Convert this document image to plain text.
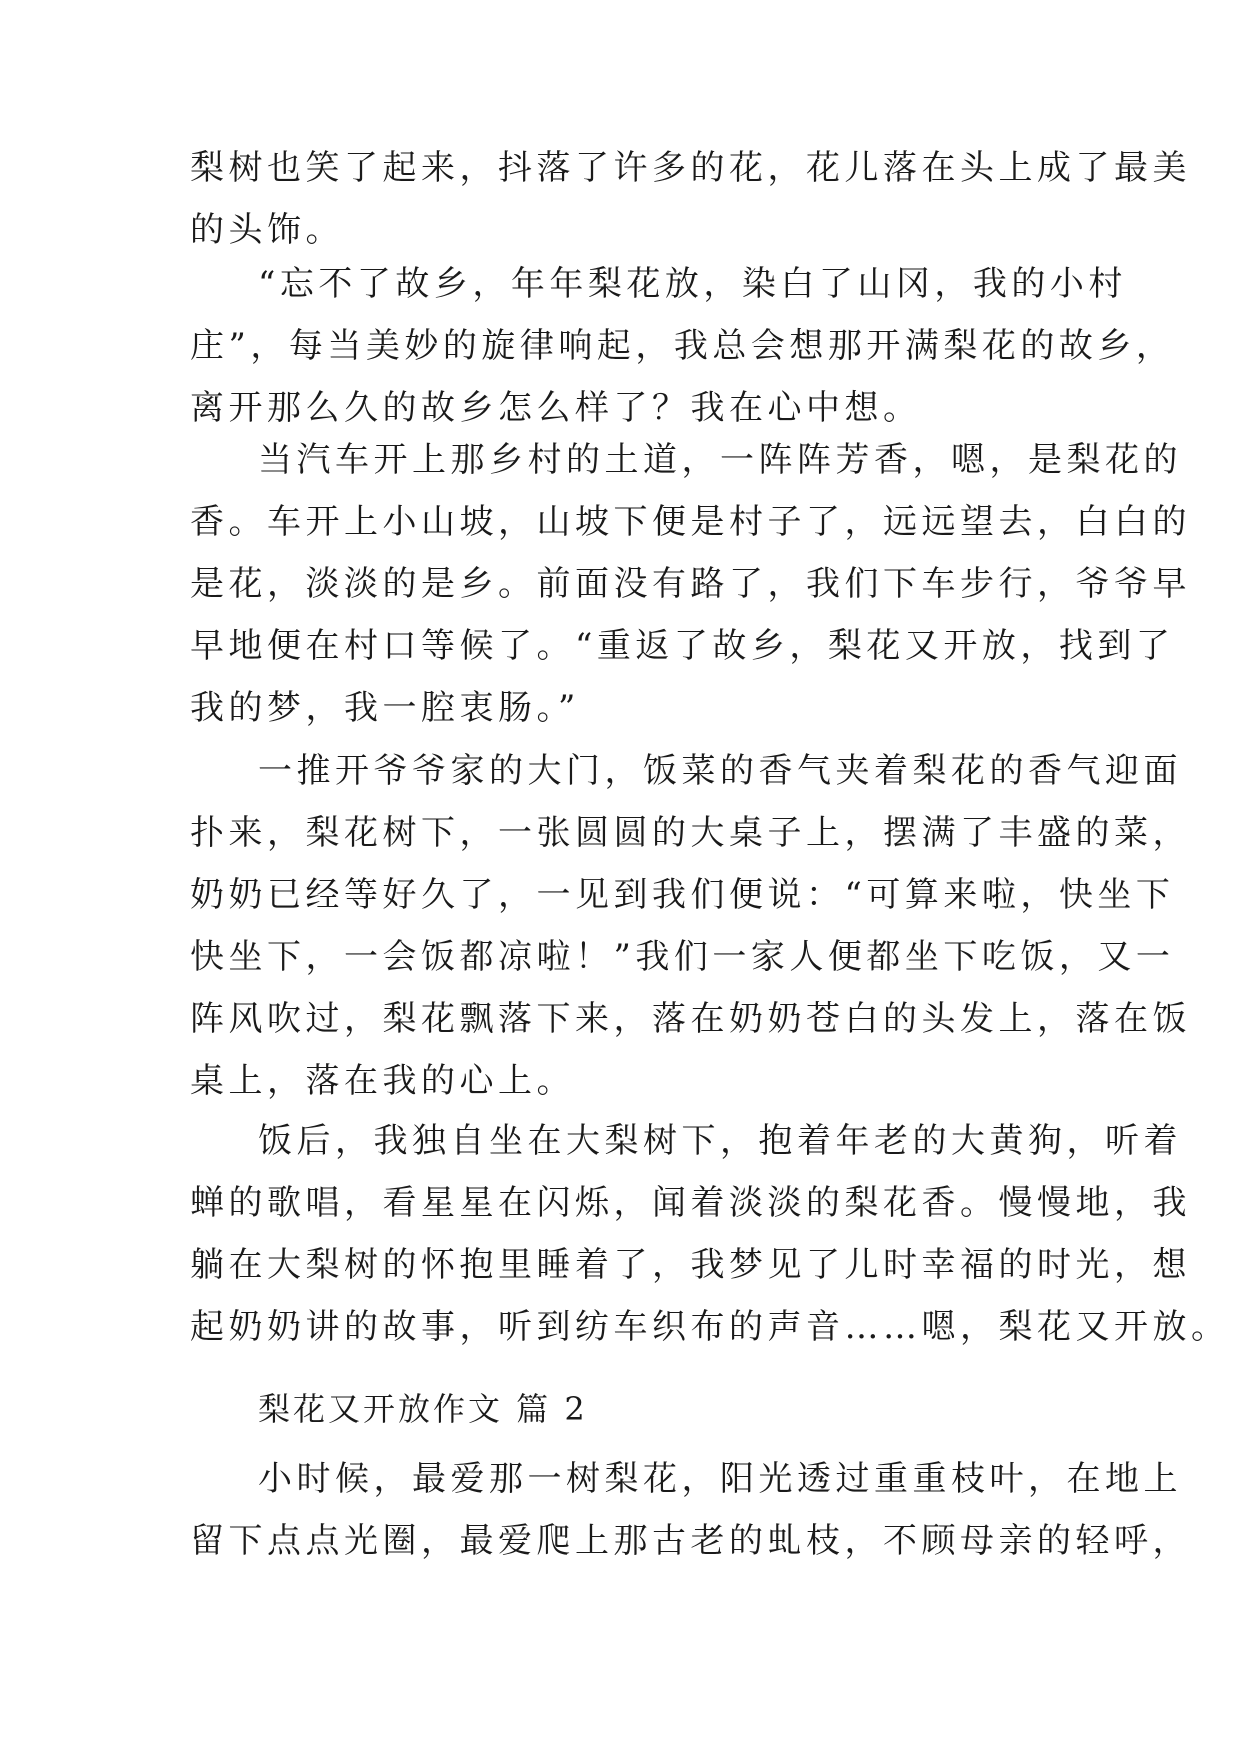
梨树也笑了起来，抖落了许多的花，花儿落在头上成了最美
的头饰。
“忘不了故乡，年年梨花放，染白了山冈，我的小村
庄”，每当美妙的旋律响起，我总会想那开满梨花的故乡，
离开那么久的故乡怎么样了？我在心中想。
当汽车开上那乡村的土道，一阵阵芳香，嗯，是梨花的
香。车开上小山坡，山坡下便是村子了，远远望去，白白的
是花，淡淡的是乡。前面没有路了，我们下车步行，爷爷早
早地便在村口等候了。“重返了故乡，梨花又开放，找到了
我的梦，我一腔衷肠。”
一推开爷爷家的大门，饭菜的香气夹着梨花的香气迎面
扑来，梨花树下，一张圆圆的大桌子上，摆满了丰盛的菜，
奶奶已经等好久了，一见到我们便说：“可算来啦，快坐下
快坐下，一会饭都凉啦！”我们一家人便都坐下吃饭，又一
阵风吹过，梨花飘落下来，落在奶奶苍白的头发上，落在饭
桌上，落在我的心上。
饭后，我独自坐在大梨树下，抱着年老的大黄狗，听着
蝉的歌唱，看星星在闪烁，闻着淡淡的梨花香。慢慢地，我
躺在大梨树的怀抱里睡着了，我梦见了儿时幸福的时光，想
起奶奶讲的故事，听到纺车织布的声音……嗯，梨花又开放。
梨花又开放作文 篇 2
小时候，最爱那一树梨花，阳光透过重重枝叶，在地上
留下点点光圈，最爱爬上那古老的虬枝，不顾母亲的轻呼，
